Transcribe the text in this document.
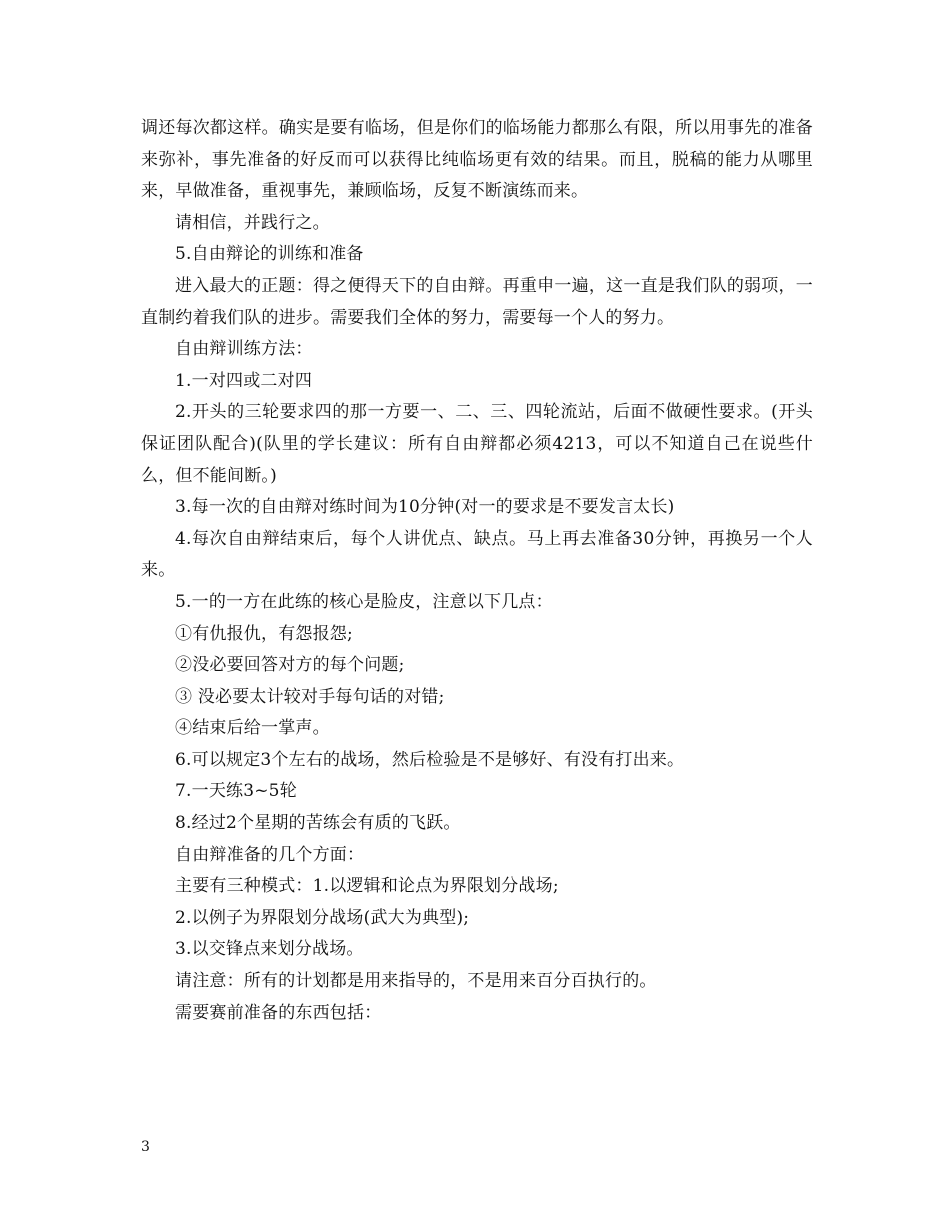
调还每次都这样。确实是要有临场，但是你们的临场能力都那么有限，所以用事先的准备来弥补，事先准备的好反而可以获得比纯临场更有效的结果。而且，脱稿的能力从哪里来，早做准备，重视事先，兼顾临场，反复不断演练而来。

请相信，并践行之。

5.自由辩论的训练和准备

进入最大的正题：得之便得天下的自由辩。再重申一遍，这一直是我们队的弱项，一直制约着我们队的进步。需要我们全体的努力，需要每一个人的努力。

自由辩训练方法：

1.一对四或二对四

2.开头的三轮要求四的那一方要一、二、三、四轮流站，后面不做硬性要求。(开头保证团队配合)(队里的学长建议：所有自由辩都必须4213，可以不知道自己在说些什么，但不能间断。)

3.每一次的自由辩对练时间为10分钟(对一的要求是不要发言太长)

4.每次自由辩结束后，每个人讲优点、缺点。马上再去准备30分钟，再换另一个人来。

5.一的一方在此练的核心是脸皮，注意以下几点：

①有仇报仇，有怨报怨;

②没必要回答对方的每个问题;

③ 没必要太计较对手每句话的对错;

④结束后给一掌声。

6.可以规定3个左右的战场，然后检验是不是够好、有没有打出来。

7.一天练3~5轮

8.经过2个星期的苦练会有质的飞跃。

自由辩准备的几个方面：

主要有三种模式：1.以逻辑和论点为界限划分战场;

2.以例子为界限划分战场(武大为典型);

3.以交锋点来划分战场。

请注意：所有的计划都是用来指导的，不是用来百分百执行的。

需要赛前准备的东西包括：

3
